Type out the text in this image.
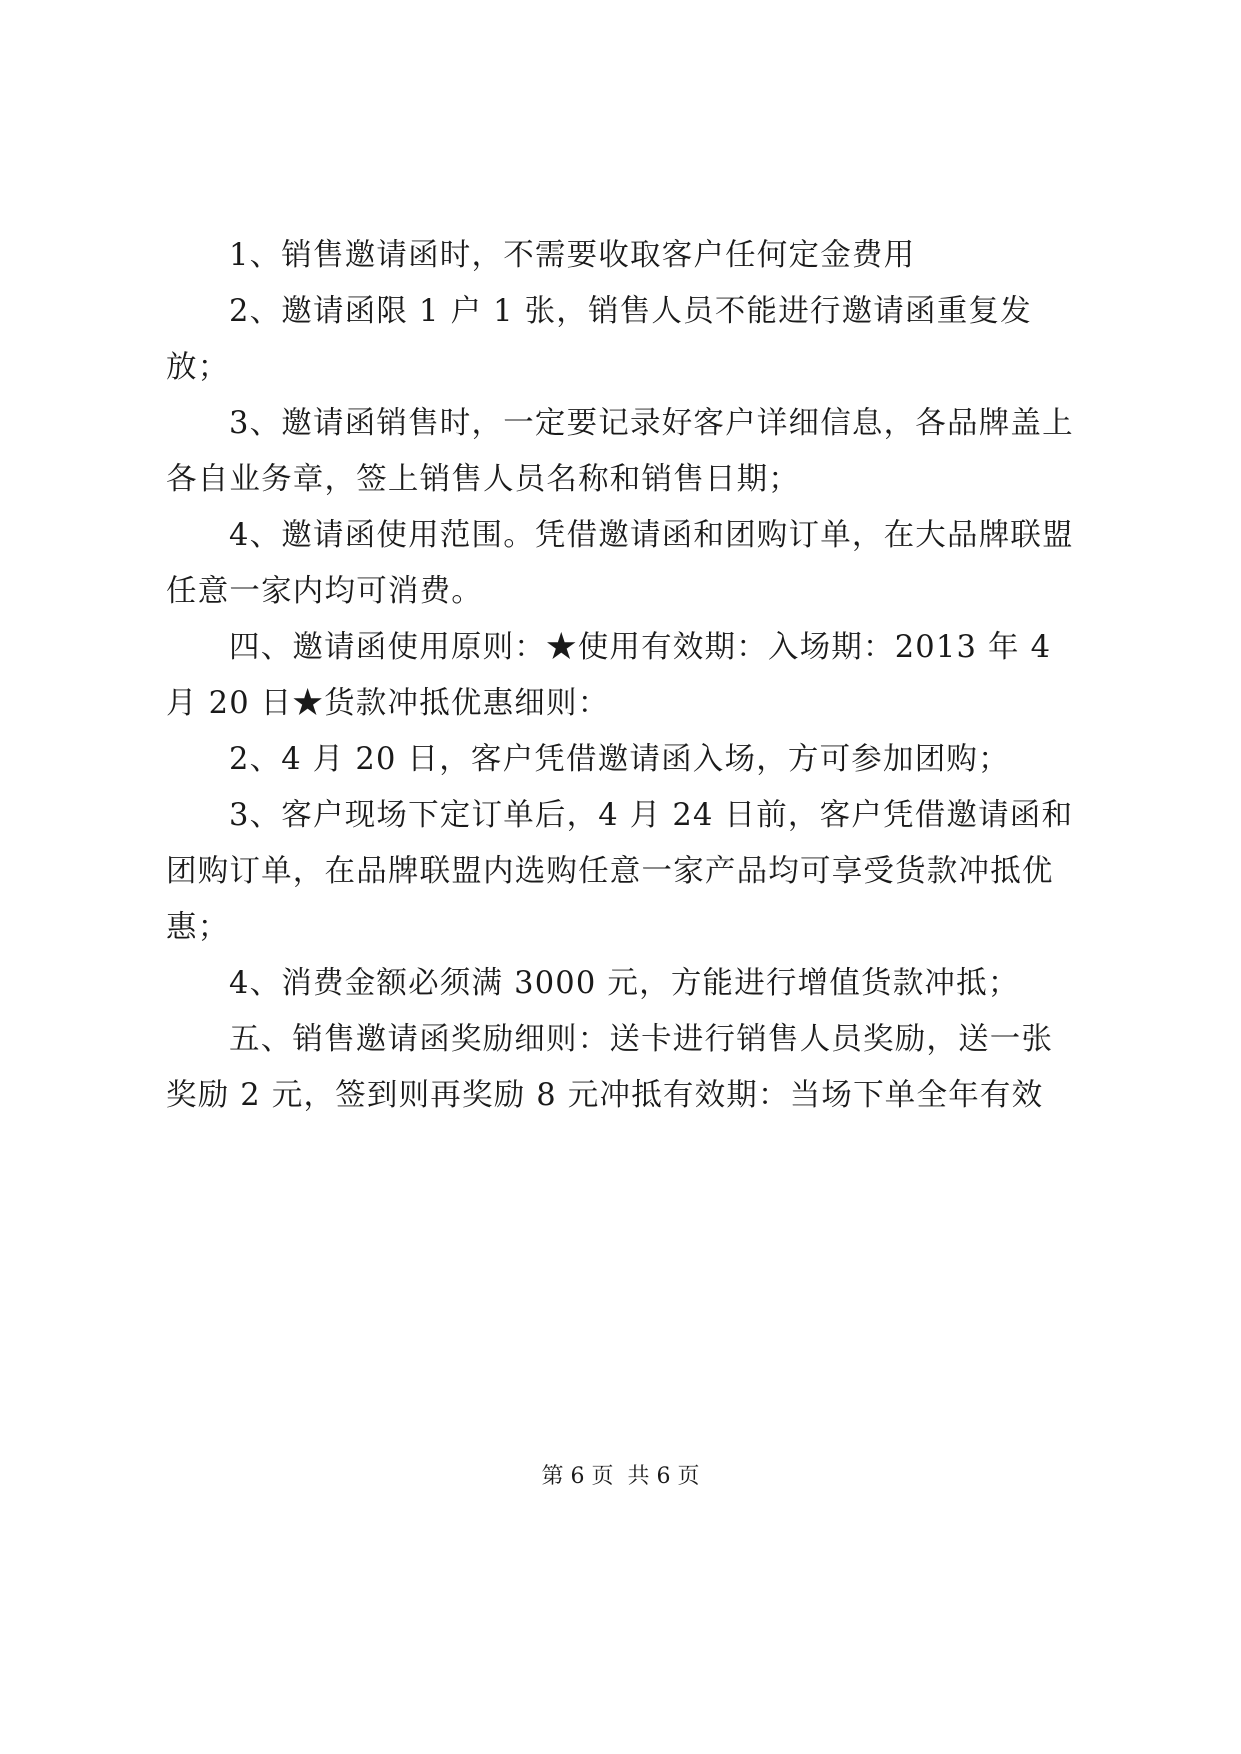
1、销售邀请函时，不需要收取客户任何定金费用

2、邀请函限 1 户 1 张，销售人员不能进行邀请函重复发放；

3、邀请函销售时，一定要记录好客户详细信息，各品牌盖上各自业务章，签上销售人员名称和销售日期；

4、邀请函使用范围。凭借邀请函和团购订单，在大品牌联盟任意一家内均可消费。

四、邀请函使用原则：★使用有效期：入场期：2013 年 4 月 20 日★货款冲抵优惠细则：

2、4 月 20 日，客户凭借邀请函入场，方可参加团购；

3、客户现场下定订单后，4 月 24 日前，客户凭借邀请函和团购订单，在品牌联盟内选购任意一家产品均可享受货款冲抵优惠；

4、消费金额必须满 3000 元，方能进行增值货款冲抵；

五、销售邀请函奖励细则：送卡进行销售人员奖励，送一张奖励 2 元，签到则再奖励 8 元冲抵有效期：当场下单全年有效

第 6 页 共 6 页
